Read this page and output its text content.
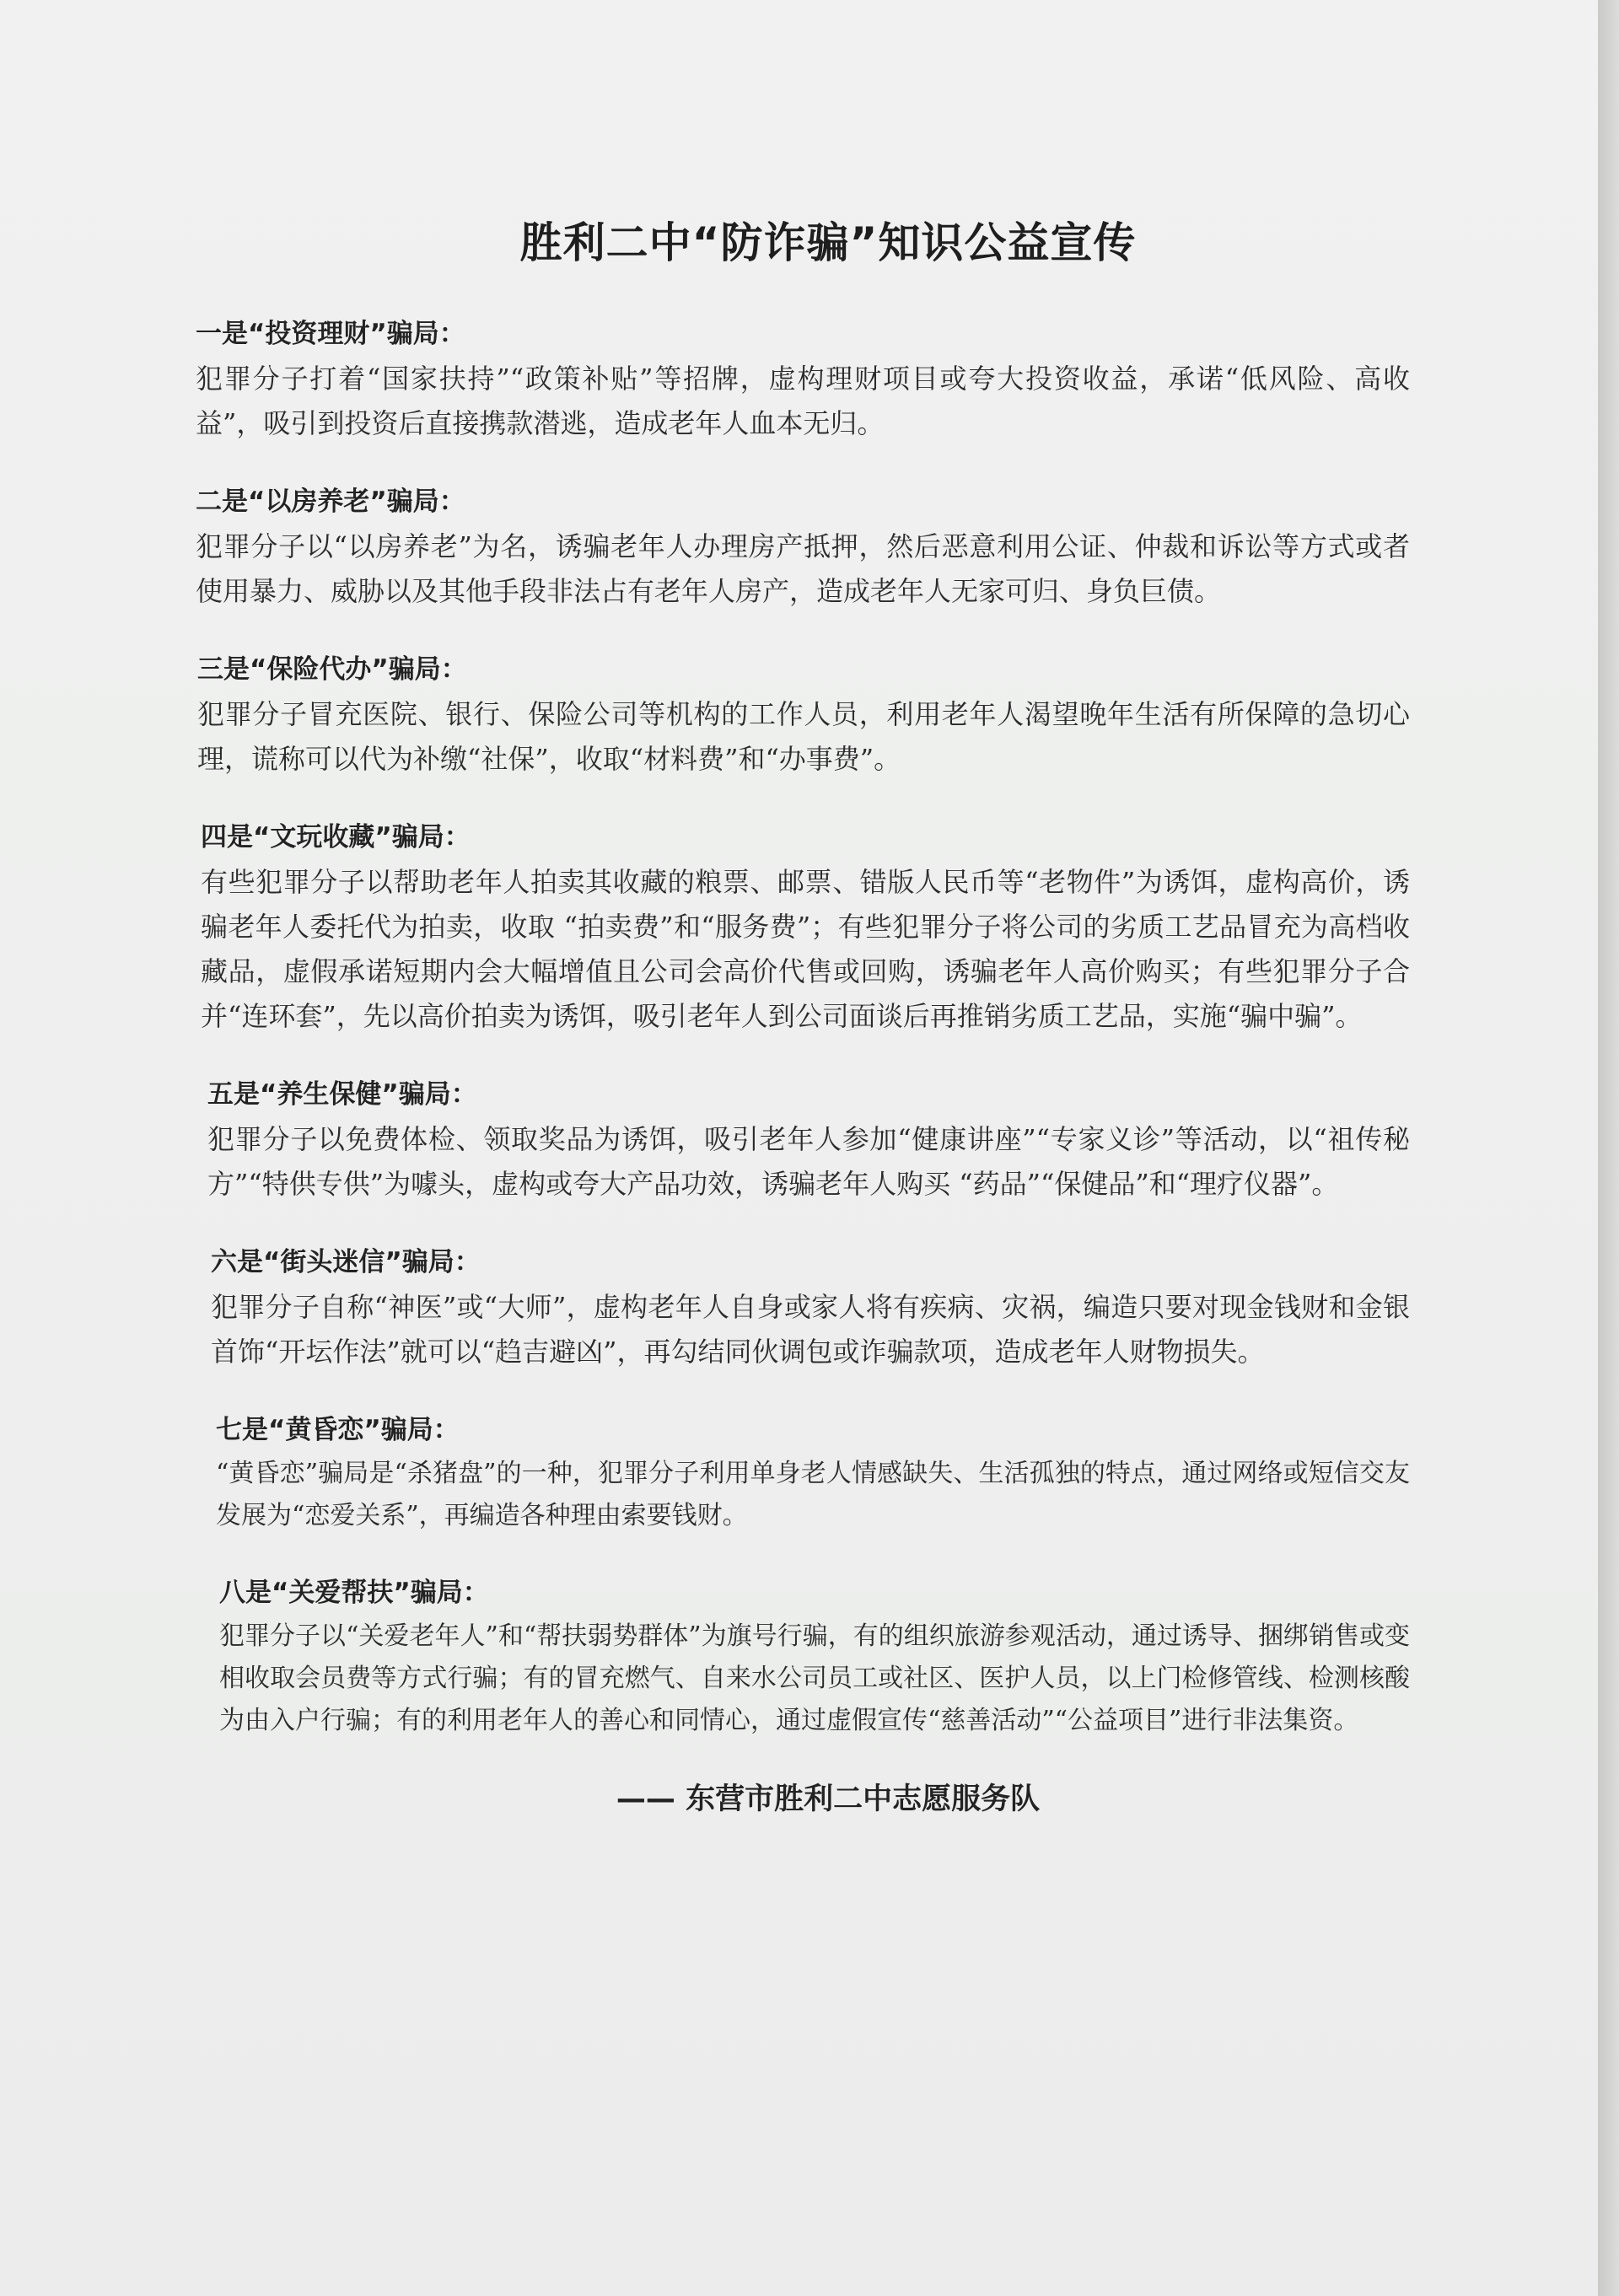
胜利二中“防诈骗”知识公益宣传
一是“投资理财”骗局：

犯罪分子打着“国家扶持”“政策补贴”等招牌，虚构理财项目或夸大投资收益，承诺“低风险、高收益”，吸引到投资后直接携款潜逃，造成老年人血本无归。

二是“以房养老”骗局：

犯罪分子以“以房养老”为名，诱骗老年人办理房产抵押，然后恶意利用公证、仲裁和诉讼等方式或者使用暴力、威胁以及其他手段非法占有老年人房产，造成老年人无家可归、身负巨债。

三是“保险代办”骗局：

犯罪分子冒充医院、银行、保险公司等机构的工作人员，利用老年人渴望晚年生活有所保障的急切心理，谎称可以代为补缴“社保”，收取“材料费”和“办事费”。

四是“文玩收藏”骗局：

有些犯罪分子以帮助老年人拍卖其收藏的粮票、邮票、错版人民币等“老物件”为诱饵，虚构高价，诱骗老年人委托代为拍卖，收取 “拍卖费”和“服务费”；有些犯罪分子将公司的劣质工艺品冒充为高档收藏品，虚假承诺短期内会大幅增值且公司会高价代售或回购，诱骗老年人高价购买；有些犯罪分子合并“连环套”，先以高价拍卖为诱饵，吸引老年人到公司面谈后再推销劣质工艺品，实施“骗中骗”。

五是“养生保健”骗局：

犯罪分子以免费体检、领取奖品为诱饵，吸引老年人参加“健康讲座”“专家义诊”等活动，以“祖传秘方”“特供专供”为噱头，虚构或夸大产品功效，诱骗老年人购买 “药品”“保健品”和“理疗仪器”。

六是“街头迷信”骗局：

犯罪分子自称“神医”或“大师”，虚构老年人自身或家人将有疾病、灾祸，编造只要对现金钱财和金银首饰“开坛作法”就可以“趋吉避凶”，再勾结同伙调包或诈骗款项，造成老年人财物损失。

七是“黄昏恋”骗局：

“黄昏恋”骗局是“杀猪盘”的一种，犯罪分子利用单身老人情感缺失、生活孤独的特点，通过网络或短信交友发展为“恋爱关系”，再编造各种理由索要钱财。

八是“关爱帮扶”骗局：

犯罪分子以“关爱老年人”和“帮扶弱势群体”为旗号行骗，有的组织旅游参观活动，通过诱导、捆绑销售或变相收取会员费等方式行骗；有的冒充燃气、自来水公司员工或社区、医护人员，以上门检修管线、检测核酸为由入户行骗；有的利用老年人的善心和同情心，通过虚假宣传“慈善活动”“公益项目”进行非法集资。

—— 东营市胜利二中志愿服务队
